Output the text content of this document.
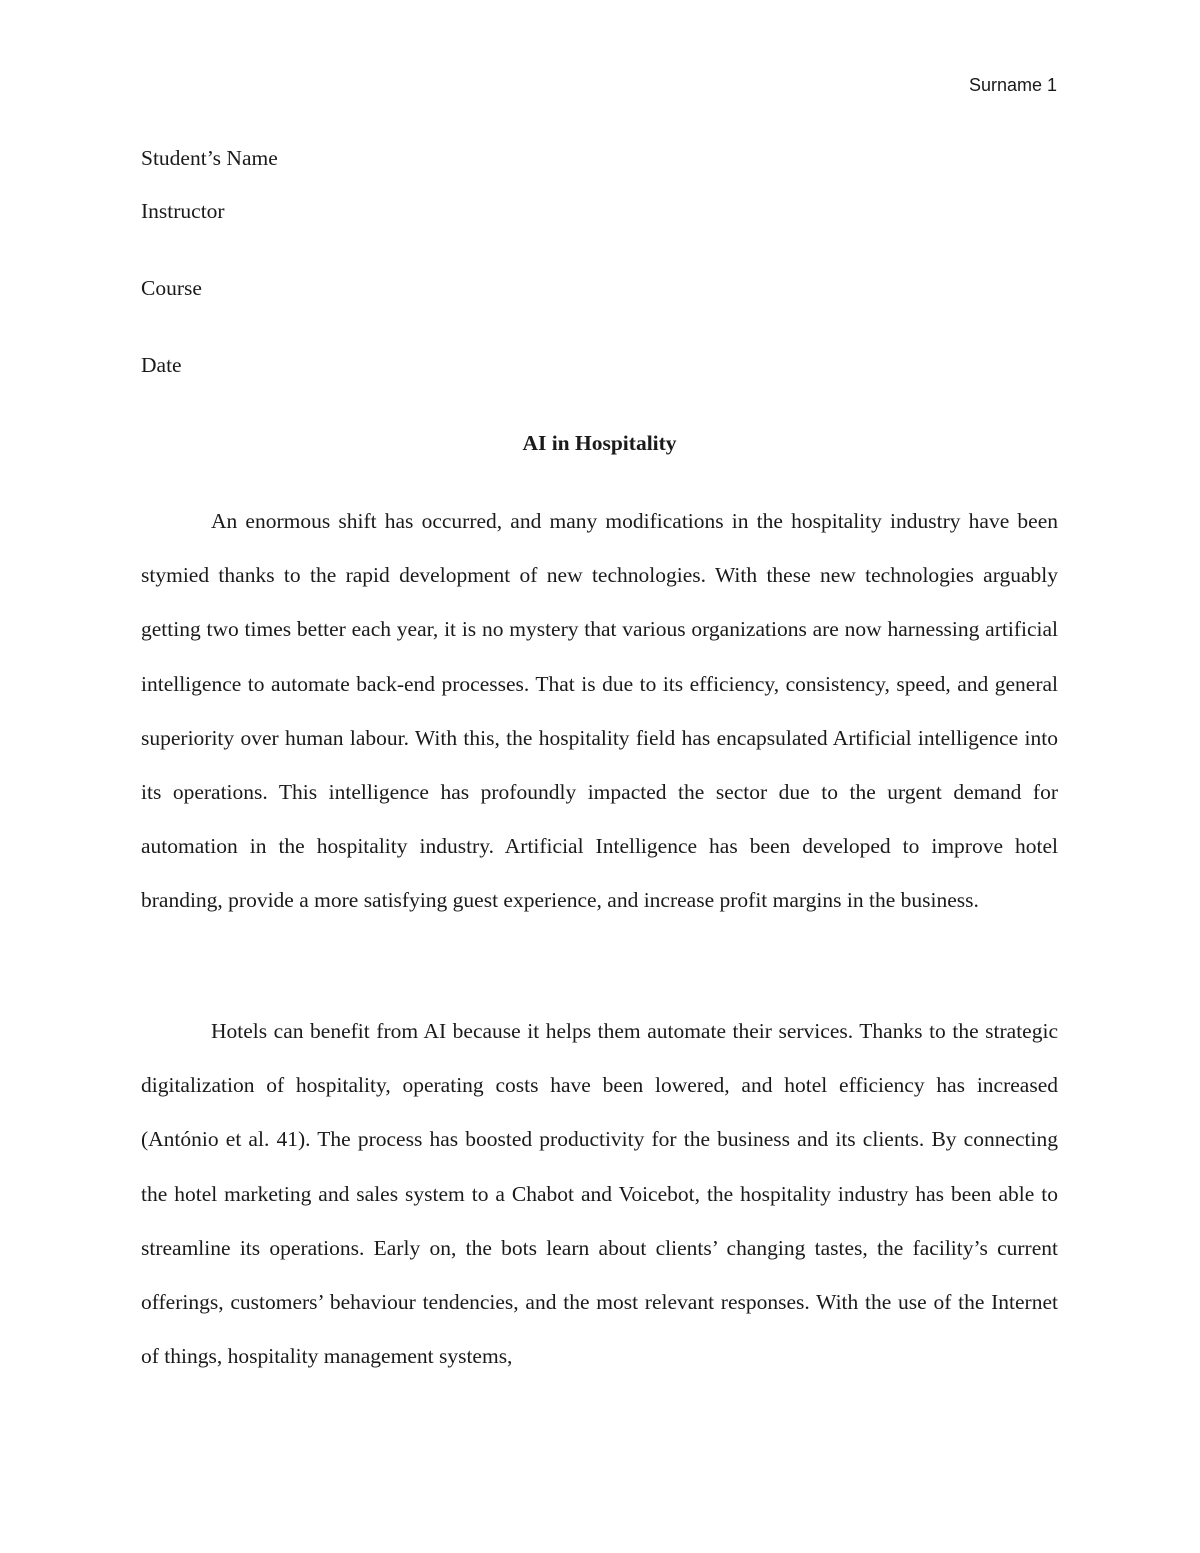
Surname 1
Student’s Name
Instructor
Course
Date
AI in Hospitality

An enormous shift has occurred, and many modifications in the hospitality industry have been stymied thanks to the rapid development of new technologies. With these new technologies arguably getting two times better each year, it is no mystery that various organizations are now harnessing artificial intelligence to automate back-end processes. That is due to its efficiency, consistency, speed, and general superiority over human labour. With this, the hospitality field has encapsulated Artificial intelligence into its operations. This intelligence has profoundly impacted the sector due to the urgent demand for automation in the hospitality industry. Artificial Intelligence has been developed to improve hotel branding, provide a more satisfying guest experience, and increase profit margins in the business.

Hotels can benefit from AI because it helps them automate their services. Thanks to the strategic digitalization of hospitality, operating costs have been lowered, and hotel efficiency has increased (António et al. 41). The process has boosted productivity for the business and its clients. By connecting the hotel marketing and sales system to a Chabot and Voicebot, the hospitality industry has been able to streamline its operations. Early on, the bots learn about clients’ changing tastes, the facility’s current offerings, customers’ behaviour tendencies, and the most relevant responses. With the use of the Internet of things, hospitality management systems,
